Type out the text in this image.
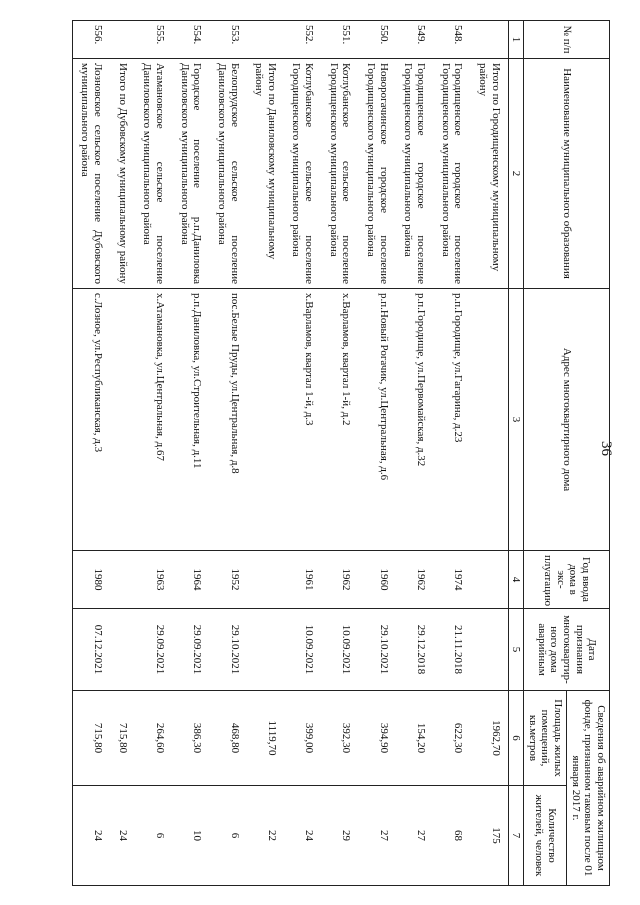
36
№ п/п	Наименование муниципального образования	Адрес многоквартирного дома	Год ввода дома в экс- плуатацию	Дата признания многоквартир- ного дома аварийным	Сведения об аварийном жилищном фонде, признанном таковым после 01 января 2017 г.	
					Площадь жилых помещений, кв.метров	Количество жителей, человек
1	2	3	4	5	6	7
	Итого по Городищенскому муниципальному району				1962,70	175
548.	Городищенское городское поселение Городищенского муниципального района	р.п.Городище, ул.Гагарина, д.23	1974	21.11.2018	622,30	68
549.	Городищенское городское поселение Городищенского муниципального района	р.п.Городище, ул.Первомайская, д.32	1962	29.12.2018	154,20	27
550.	Новорогачинское городское поселение Городищенского муниципального района	р.п.Новый Рогачик, ул.Центральная, д.6	1960	29.10.2021	394,90	27
551.	Котлубанское сельское поселение Городищенского муниципального района	х.Варламов, квартал 1-й, д.2	1962	10.09.2021	392,30	29
552.	Котлубанское сельское поселение Городищенского муниципального района	х.Варламов, квартал 1-й, д.3	1961	10.09.2021	399,00	24
	Итого по Даниловскому муниципальному району				1119,70	22
553.	Белопрудское сельское поселение Даниловского муниципального района	пос.Белые Пруды, ул.Центральная, д.8	1952	29.10.2021	468,80	6
554.	Городское поселение р.п.Даниловка Даниловского муниципального района	р.п.Даниловка, ул.Строительная, д.11	1964	29.09.2021	386,30	10
555.	Атамановское сельское поселение Даниловского муниципального района	х.Атамановка, ул.Центральная, д.67	1963	29.09.2021	264,60	6
	Итого по Дубовскому муниципальному району				715,80	24
556.	Лозновское сельское поселение Дубовского муниципального района	с.Лозное, ул.Республиканская, д.3	1980	07.12.2021	715,80	24
